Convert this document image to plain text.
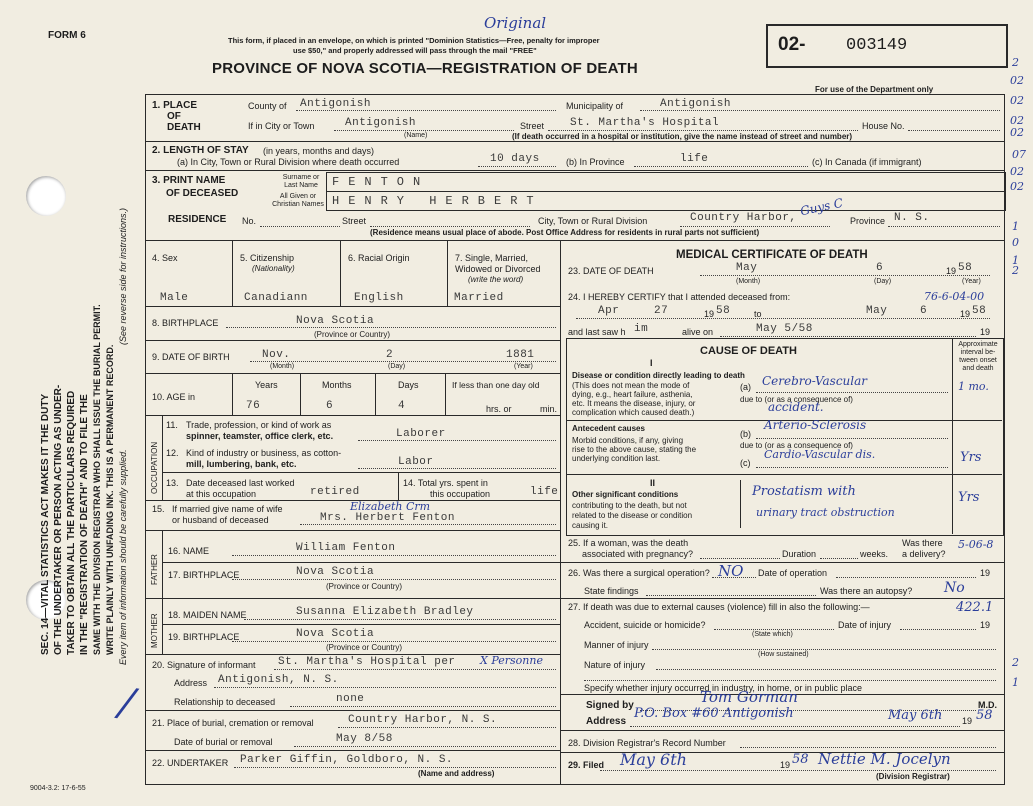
FORM 6	This form, if placed in an envelope, on which is printed "Dominion Statistics—Free, penalty for improper
use $50," and properly addressed will pass through the mail "FREE"
Original
PROVINCE OF NOVA SCOTIA—REGISTRATION OF DEATH
02- 003149
For use of the Department only
9004-3.2: 17-6-55
2
02
02
02
02
07
02
02
1
0
1
2
2
1
SEC. 14—VITAL STATISTICS ACT MAKES IT THE DUTY OF THE UNDERTAKER OR PERSON ACTING AS UNDER- TAKER TO OBTAIN ALL THE PARTICULARS REQUIRED IN THE "REGISTRATION OF DEATH" AND TO FILE THE SAME WITH THE DIVISION REGISTRAR WHO SHALL ISSUE THE BURIAL PERMIT. WRITE PLAINLY WITH UNFADING INK. THIS IS A PERMANENT RECORD.
(See reverse side for instructions.)
Every item of information should be carefully supplied.
/
1. PLACE
OF
DEATH
County of Antigonish	Municipality of	Antigonish
If in City or Town	Antigonish	Street St. Martha's Hospital	House No.
(Name)	(If death occurred in a hospital or institution, give the name instead of street and number)
2. LENGTH OF STAY (in years, months and days)
(a) In City, Town or Rural Division where death occurred	10 days	(b) In Province	life	(c) In Canada (if immigrant)
3. PRINT NAME
OF DECEASED
Surname or Last Name
All Given or Christian Names
FENTON
HENRY HERBERT
RESIDENCE No.	Street	City, Town or Rural Division	Country Harbor, Guys C
Province N. S.
(Residence means usual place of abode. Post Office Address for residents in rural parts not sufficient)
4. Sex	5. Citizenship
(Nationality)
6. Racial Origin	7. Single, Married,
Widowed or Divorced
(write the word)
Male	Canadiann	English	Married
8. BIRTHPLACE	Nova Scotia
(Province or Country)
9. DATE OF BIRTH	Nov.	2	1881
(Month)	(Day)	(Year)
10. AGE in
Years	Months	Days	If less than one day old
76	6	4	hrs. or	min.
OCCUPATION
11. Trade, profession, or kind of work as
spinner, teamster, office clerk, etc.	Laborer
12. Kind of industry or business, as cotton-
mill, lumbering, bank, etc.	Labor
13. Date deceased last worked
at this occupation	retired
14. Total yrs. spent in
this occupation	life
15. If married give name of wife
or husband of deceased	Mrs. Herbert Fenton
Elizabeth Crm
FATHER
16. NAME	William Fenton
17. BIRTHPLACE	Nova Scotia
(Province or Country)
MOTHER 18. MAIDEN NAME	Susanna Elizabeth Bradley
19. BIRTHPLACE	Nova Scotia
(Province or Country)
20. Signature of informant St. Martha's Hospital per X Personne
Address Antigonish, N. S.
Relationship to deceased	none
21. Place of burial, cremation or removal	Country Harbor, N. S.
Date of burial or removal	May 8/58
22. UNDERTAKER Parker Giffin, Goldboro, N. S.
(Name and address)
MEDICAL CERTIFICATE OF DEATH
23. DATE OF DEATH	May	6	19 58
(Month)	(Day)	(Year)
76-6-04-00
24. I HEREBY CERTIFY that I attended deceased from:
Apr	27	19 58	to	May	6	19 58
and last saw h im	alive on	May 5/58	19
CAUSE OF DEATH
Approximate interval be- tween onset and death
I
Disease or condition directly leading to death
(This does not mean the mode of
dying, e.g., heart failure, asthenia,
etc. It means the disease, injury, or
complication which caused death.)
(a) Cerebro-Vascular
due to (or as a consequence of)
accident.
1 mo.
Antecedent causes
Morbid conditions, if any, giving
rise to the above cause, stating the
underlying condition last.
(b)
Arterio-Sclerosis
due to (or as a consequence of)
(c)
Cardio-Vascular dis.	Yrs
II
Other significant conditions
contributing to the death, but not
related to the disease or condition
causing it.
Prostatism with
urinary tract obstruction
Yrs
25. If a woman, was the death
associated with pregnancy?	Duration	weeks.
Was there
a delivery?
5-06-8
26. Was there a surgical operation? NO Date of operation	19
State findings	Was there an autopsy? No
27. If death was due to external causes (violence) fill in also the following:—	422.1
Accident, suicide or homicide?	Date of injury	19
(State which)
Manner of injury
(How sustained)
Nature of injury
Specify whether injury occurred in industry, in home, or in public place
Signed by	Tom Gorman	M.D.
Address
P.O. Box #60 Antigonish	May 6th 19 58
28. Division Registrar's Record Number
29. Filed May 6th	19 58 Nettie M. Jocelyn
(Division Registrar)
